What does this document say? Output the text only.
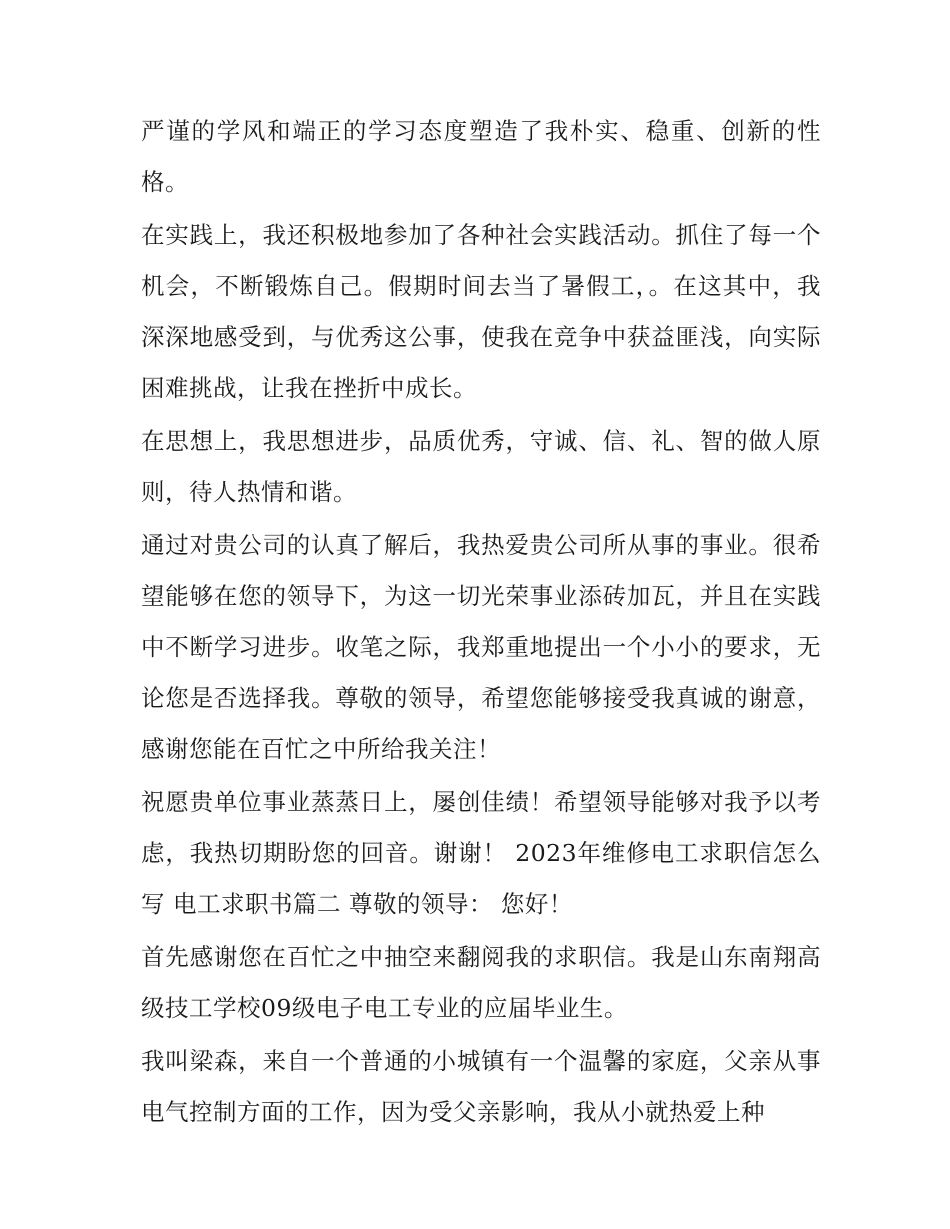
严谨的学风和端正的学习态度塑造了我朴实、稳重、创新的性格。

在实践上，我还积极地参加了各种社会实践活动。抓住了每一个机会，不断锻炼自己。假期时间去当了暑假工，。在这其中，我深深地感受到，与优秀这公事，使我在竞争中获益匪浅，向实际困难挑战，让我在挫折中成长。

在思想上，我思想进步，品质优秀，守诚、信、礼、智的做人原则，待人热情和谐。

通过对贵公司的认真了解后，我热爱贵公司所从事的事业。很希望能够在您的领导下，为这一切光荣事业添砖加瓦，并且在实践中不断学习进步。收笔之际，我郑重地提出一个小小的要求，无论您是否选择我。尊敬的领导，希望您能够接受我真诚的谢意，感谢您能在百忙之中所给我关注！

祝愿贵单位事业蒸蒸日上，屡创佳绩！希望领导能够对我予以考虑，我热切期盼您的回音。谢谢！ 2023年维修电工求职信怎么写 电工求职书篇二 尊敬的领导： 您好！

首先感谢您在百忙之中抽空来翻阅我的求职信。我是山东南翔高级技工学校09级电子电工专业的应届毕业生。

我叫梁森，来自一个普通的小城镇有一个温馨的家庭，父亲从事电气控制方面的工作，因为受父亲影响，我从小就热爱上种
